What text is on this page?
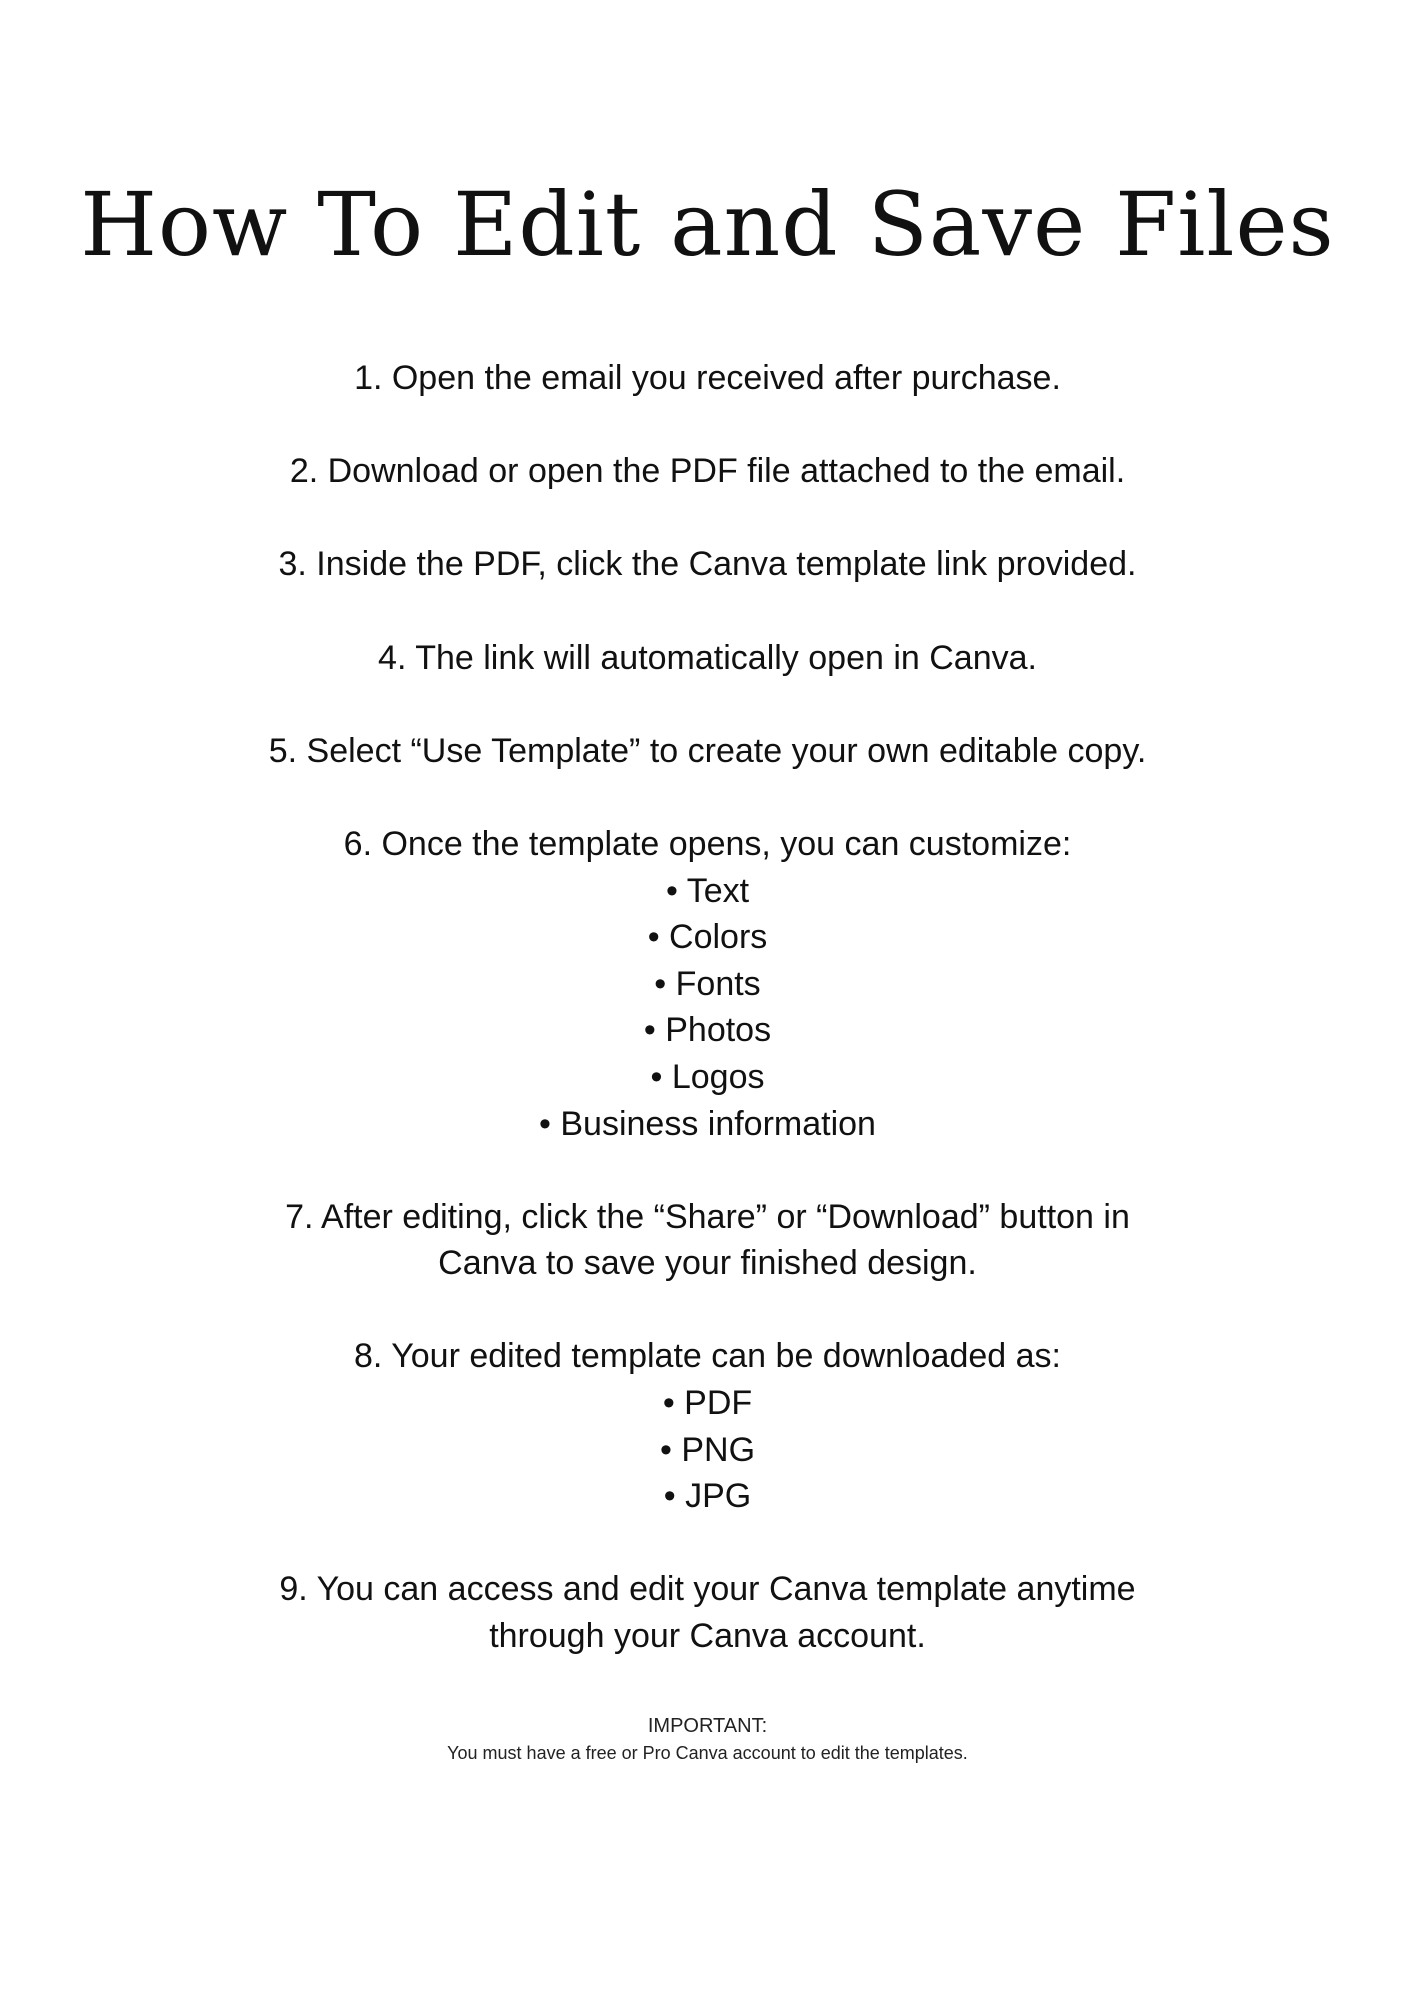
How To Edit and Save Files
1. Open the email you received after purchase.
2. Download or open the PDF file attached to the email.
3. Inside the PDF, click the Canva template link provided.
4. The link will automatically open in Canva.
5. Select “Use Template” to create your own editable copy.
6. Once the template opens, you can customize:
• Text
• Colors
• Fonts
• Photos
• Logos
• Business information
7. After editing, click the “Share” or “Download” button in
Canva to save your finished design.
8. Your edited template can be downloaded as:
• PDF
• PNG
• JPG
9. You can access and edit your Canva template anytime
through your Canva account.
IMPORTANT:
You must have a free or Pro Canva account to edit the templates.
